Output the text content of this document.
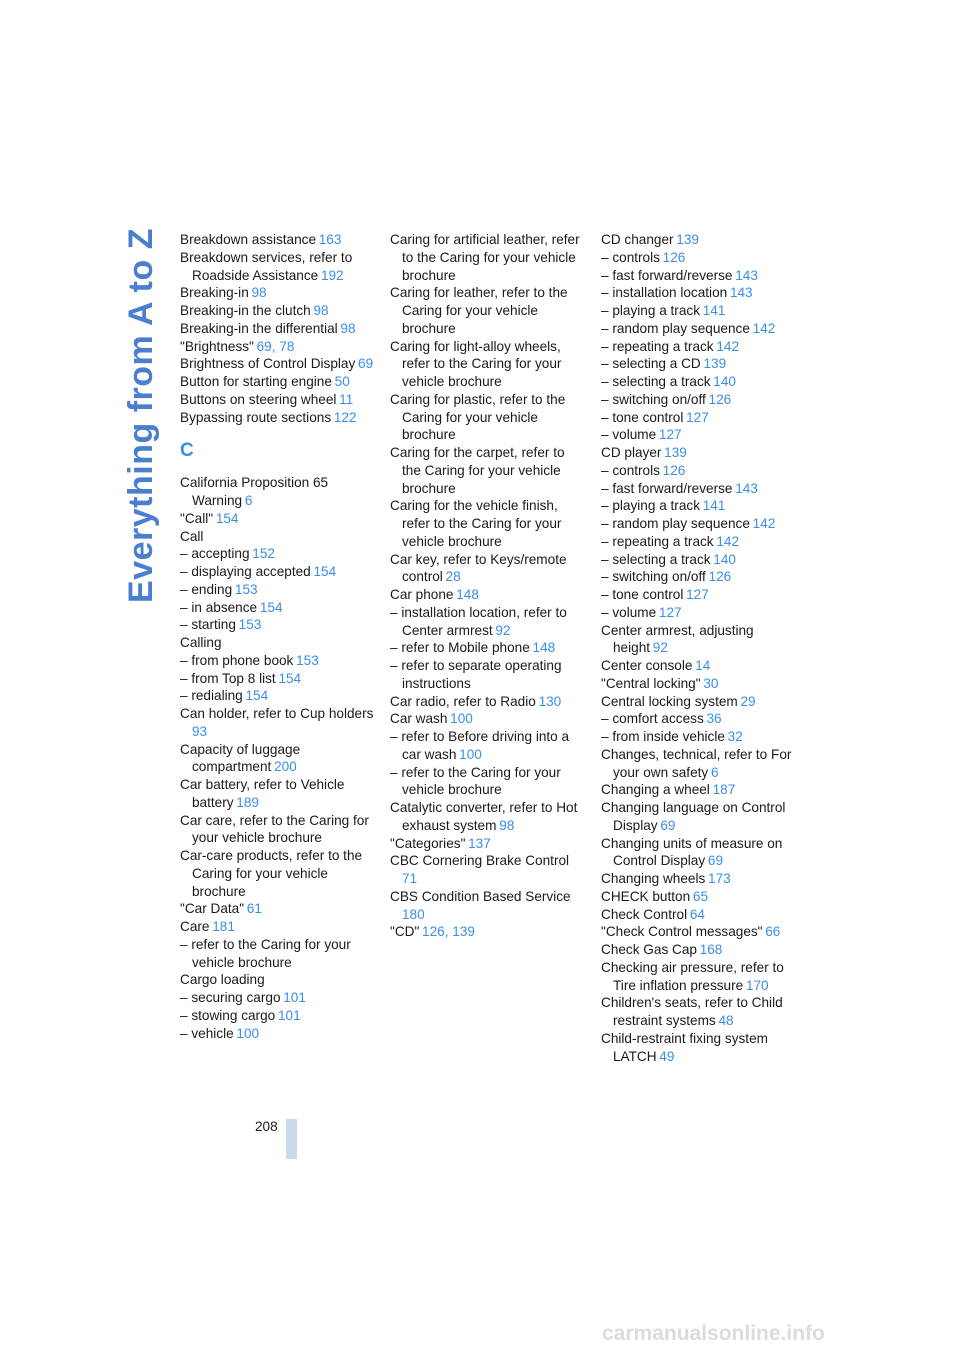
Everything from A to Z Breakdown assistance  163
Breakdown services, refer to Roadside Assistance  192
Breaking-in  98
Breaking-in the clutch  98
Breaking-in the differential  98
"Brightness"  69, 78
Brightness of Control Display  69
Button for starting engine  50
Buttons on steering wheel  11
Bypassing route sections  122
C
California Proposition 65 Warning  6
"Call"  154
Call
– accepting  152
– displaying accepted  154
– ending  153
– in absence  154
– starting  153
Calling
– from phone book  153
– from Top 8 list  154
– redialing  154
Can holder, refer to Cup holders 93
Capacity of luggage compartment  200
Car battery, refer to Vehicle battery  189
Car care, refer to the Caring for your vehicle brochure
Car-care products, refer to the Caring for your vehicle brochure
"Car Data"  61
Care  181
– refer to the Caring for your vehicle brochure
Cargo loading
– securing cargo  101
– stowing cargo  101
– vehicle  100
Caring for artificial leather, refer to the Caring for your vehicle brochure
Caring for leather, refer to the Caring for your vehicle brochure
Caring for light-alloy wheels, refer to the Caring for your vehicle brochure
Caring for plastic, refer to the Caring for your vehicle brochure
Caring for the carpet, refer to the Caring for your vehicle brochure
Caring for the vehicle finish, refer to the Caring for your vehicle brochure
Car key, refer to Keys/remote control  28
Car phone  148
– installation location, refer to Center armrest  92
– refer to Mobile phone  148
– refer to separate operating instructions
Car radio, refer to Radio  130
Car wash  100
– refer to Before driving into a car wash  100
– refer to the Caring for your vehicle brochure
Catalytic converter, refer to Hot exhaust system  98
"Categories"  137
CBC Cornering Brake Control 71
CBS Condition Based Service 180
"CD"  126, 139
CD changer  139
– controls  126
– fast forward/reverse  143
– installation location  143
– playing a track  141
– random play sequence  142
– repeating a track  142
– selecting a CD  139
– selecting a track  140
– switching on/off  126
– tone control  127
– volume  127
CD player  139
– controls  126
– fast forward/reverse  143
– playing a track  141
– random play sequence  142
– repeating a track  142
– selecting a track  140
– switching on/off  126
– tone control  127
– volume  127
Center armrest, adjusting height  92
Center console  14
"Central locking"  30
Central locking system  29
– comfort access  36
– from inside vehicle  32
Changes, technical, refer to For your own safety  6
Changing a wheel  187
Changing language on Control Display  69
Changing units of measure on Control Display  69
Changing wheels  173
CHECK button  65
Check Control  64
"Check Control messages"  66
Check Gas Cap  168
Checking air pressure, refer to Tire inflation pressure  170
Children's seats, refer to Child restraint systems  48
Child-restraint fixing system LATCH  49
208
carmanualsonline.info
